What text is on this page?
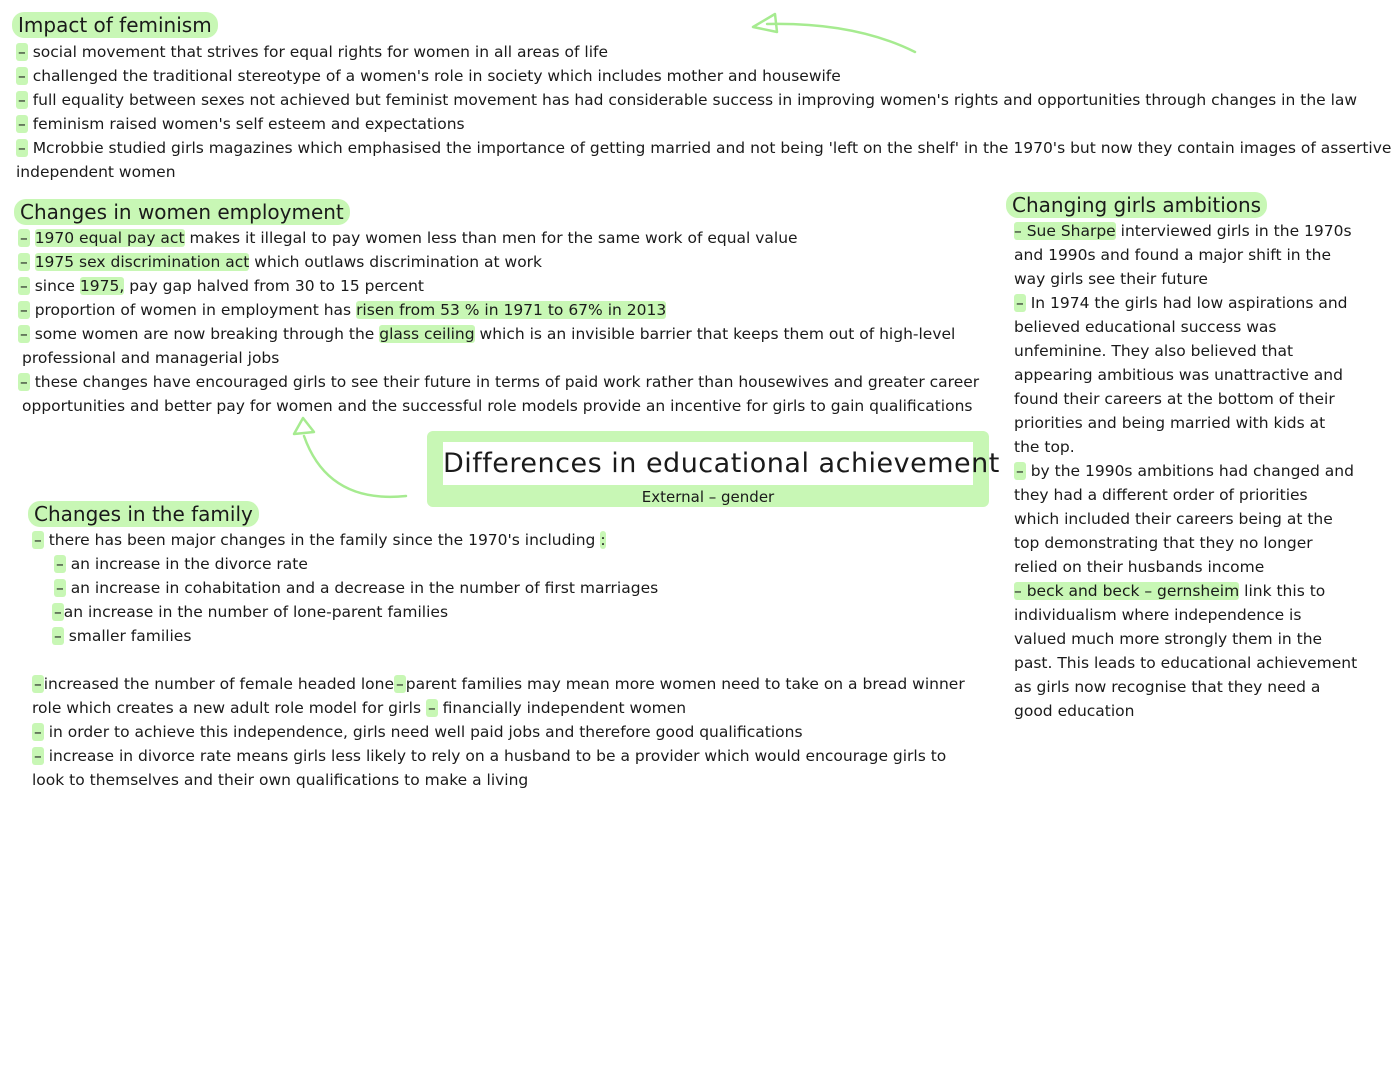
Differences in educational achievement
External – gender
Impact of feminism
– social movement that strives for equal rights for women in all areas of life
– challenged the traditional stereotype of a women's role in society which includes mother and housewife
– full equality between sexes not achieved but feminist movement has had considerable success in improving women's rights and opportunities through changes in the law
– feminism raised women's self esteem and expectations
– Mcrobbie studied girls magazines which emphasised the importance of getting married and not being 'left on the shelf' in the 1970's but now they contain images of assertive
independent women
Changes in women employment
– 1970 equal pay act makes it illegal to pay women less than men for the same work of equal value
– 1975 sex discrimination act which outlaws discrimination at work
– since 1975, pay gap halved from 30 to 15 percent
– proportion of women in employment has risen from 53 % in 1971 to 67% in 2013
– some women are now breaking through the glass ceiling which is an invisible barrier that keeps them out of high-level
professional and managerial jobs
– these changes have encouraged girls to see their future in terms of paid work rather than housewives and greater career
opportunities and better pay for women and the successful role models provide an incentive for girls to gain qualifications
Changes in the family
– there has been major changes in the family since the 1970's including :
– an increase in the divorce rate
– an increase in cohabitation and a decrease in the number of first marriages
– an increase in the number of lone-parent families
– smaller families
– increased the number of female headed lone – parent families may mean more women need to take on a bread winner
role which creates a new adult role model for girls – financially independent women
– in order to achieve this independence, girls need well paid jobs and therefore good qualifications
– increase in divorce rate means girls less likely to rely on a husband to be a provider which would encourage girls to
look to themselves and their own qualifications to make a living
Changing girls ambitions
– Sue Sharpe interviewed girls in the 1970s
and 1990s and found a major shift in the
way girls see their future
– In 1974 the girls had low aspirations and
believed educational success was
unfeminine. They also believed that
appearing ambitious was unattractive and
found their careers at the bottom of their
priorities and being married with kids at
the top.
– by the 1990s ambitions had changed and
they had a different order of priorities
which included their careers being at the
top demonstrating that they no longer
relied on their husbands income
– beck and beck – gernsheim link this to
individualism where independence is
valued much more strongly them in the
past. This leads to educational achievement
as girls now recognise that they need a
good education
